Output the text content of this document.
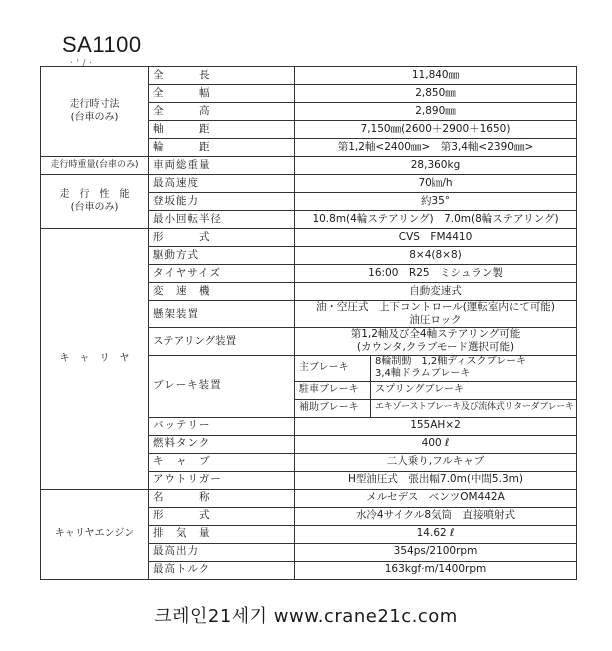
SA1100
· ' / ·
走行時寸法
(台車のみ)	全　　　長	11,840㎜	
	全　　　幅	2,850㎜	
	全　　　高	2,890㎜	
	軸　　　距	7,150㎜(2600＋2900＋1650)	
	輪　　　距	第1,2軸<2400㎜>　第3,4軸<2390㎜>	
走行時重量(台車のみ)	車両総重量	28,360kg	
走　行　性　能
(台車のみ)	最高速度	70㎞/h	
	登坂能力	約35°	
	最小回転半径	10.8m(4輪ステアリング)　7.0m(8輪ステアリング)	
キ　ャ　リ　ヤ	形　　　式	CVS　FM4410	
	駆動方式	8×4(8×8)	
	タイヤサイズ	16:00　R25　ミシュラン製	
	変　速　機	自動変速式	
	懸架装置	油・空圧式　上下コントロール(運転室内にて可能)
油圧ロック	
	ステアリング装置	第1,2軸及び全4軸ステアリング可能
(カウンタ,クラブモード選択可能)	
	ブレーキ装置	主ブレーキ	8輪制動　1,2軸ディスクブレーキ
3,4軸ドラムブレーキ
		駐車ブレーキ	スプリングブレーキ
		補助ブレーキ	エキゾーストブレーキ及び流体式リターダブレーキ
	バッテリー	155AH×2	
	燃料タンク	400 ℓ	
	キ　ャ　ブ	二人乗り,フルキャブ	
	アウトリガー	H型油圧式　張出幅7.0m(中間5.3m)	
キャリヤエンジン	名　　　称	メルセデス　ベンツOM442A	
	形　　　式	水冷4サイクル8気筒　直接噴射式	
	排　気　量	14.62 ℓ	
	最高出力	354ps/2100rpm	
	最高トルク	163kgf·m/1400rpm	
크레인21세기 www.crane21c.com
